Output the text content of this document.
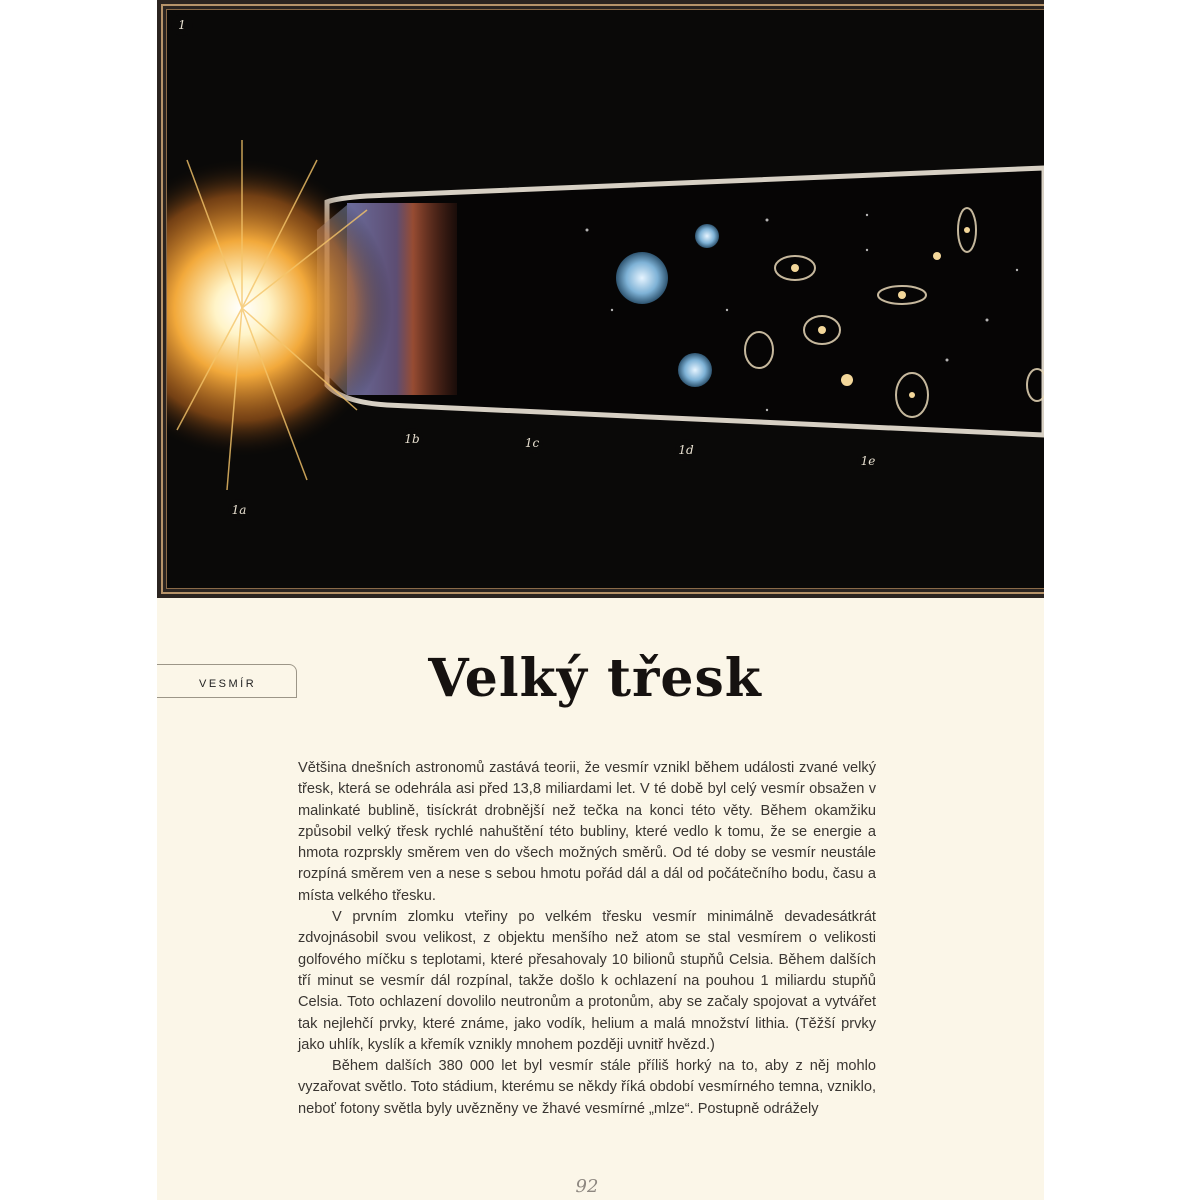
1
1a
1b	1c	1d
1e
VESMÍR	Velký třesk

Většina dnešních astronomů zastává teorii, že vesmír vznikl během události zvané velký třesk, která se odehrála asi před 13,8 miliardami let. V té době byl celý vesmír obsažen v malinkaté bublině, tisíckrát drobnější než tečka na konci této věty. Během okamžiku způsobil velký třesk rychlé nahuštění této bubliny, které vedlo k tomu, že se energie a hmota rozprskly směrem ven do všech možných směrů. Od té doby se vesmír neustále rozpíná směrem ven a nese s sebou hmotu pořád dál a dál od počátečního bodu, času a místa velkého třesku.

V prvním zlomku vteřiny po velkém třesku vesmír minimálně devadesátkrát zdvojnásobil svou velikost, z objektu menšího než atom se stal vesmírem o velikosti golfového míčku s teplotami, které přesahovaly 10 bilionů stupňů Celsia. Během dalších tří minut se vesmír dál rozpínal, takže došlo k ochlazení na pouhou 1 miliardu stupňů Celsia. Toto ochlazení dovolilo neutronům a protonům, aby se začaly spojovat a vytvářet tak nejlehčí prvky, které známe, jako vodík, helium a malá množství lithia. (Těžší prvky jako uhlík, kyslík a křemík vznikly mnohem později uvnitř hvězd.)

Během dalších 380 000 let byl vesmír stále příliš horký na to, aby z něj mohlo vyzařovat světlo. Toto stádium, kterému se někdy říká období vesmírného temna, vzniklo, neboť fotony světla byly uvězněny ve žhavé vesmírné „mlze“. Postupně odrážely

92
